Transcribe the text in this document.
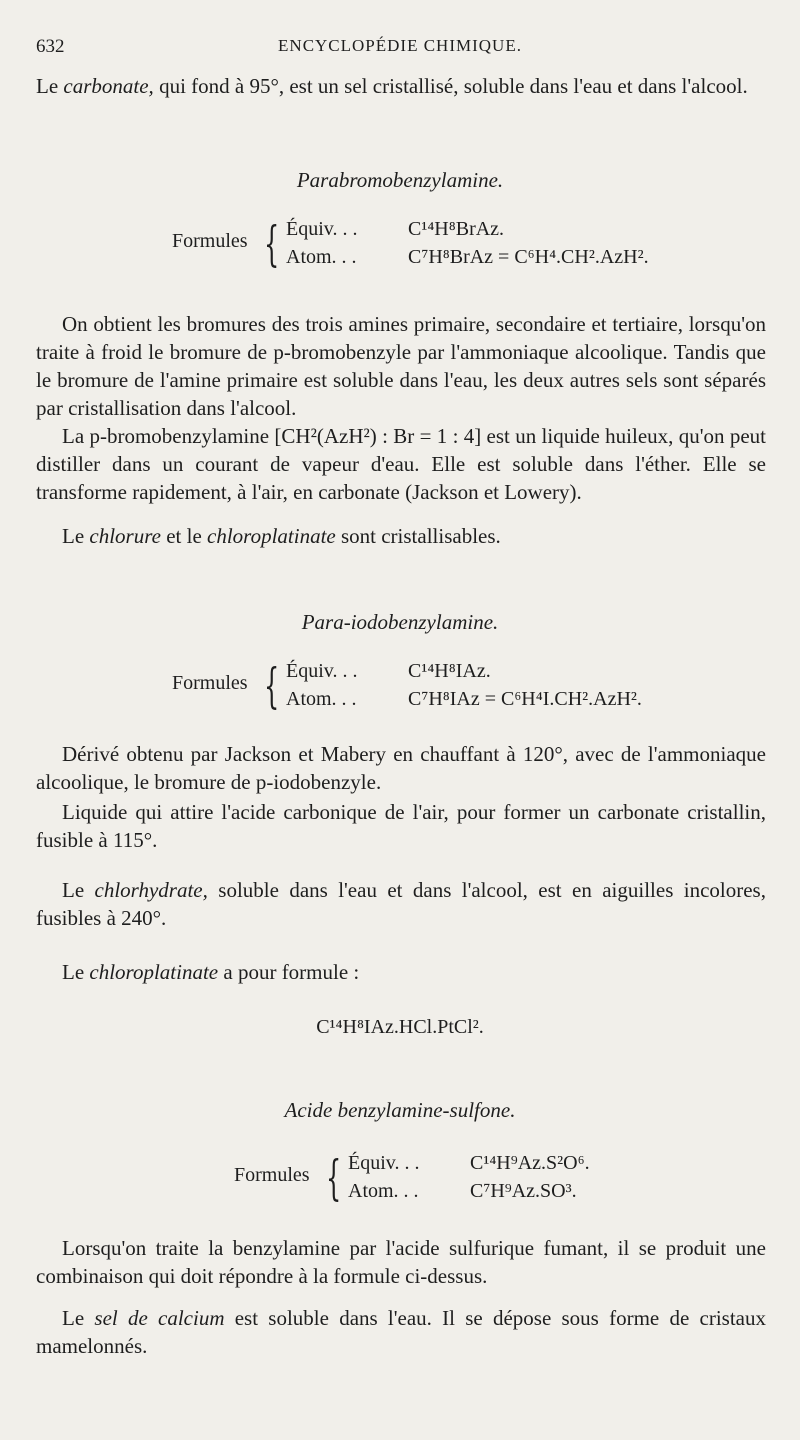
632	ENCYCLOPÉDIE CHIMIQUE.

Le carbonate, qui fond à 95°, est un sel cristallisé, soluble dans l'eau et dans l'alcool.

Parabromobenzylamine.

Formules { Équiv. . .	C¹⁴H⁸BrAz.
Atom. . .	C⁷H⁸BrAz = C⁶H⁴.CH².AzH².

On obtient les bromures des trois amines primaire, secondaire et tertiaire, lorsqu'on traite à froid le bromure de p-bromobenzyle par l'ammoniaque alcoolique. Tandis que le bromure de l'amine primaire est soluble dans l'eau, les deux autres sels sont séparés par cristallisation dans l'alcool.

La p-bromobenzylamine [CH²(AzH²) : Br = 1 : 4] est un liquide huileux, qu'on peut distiller dans un courant de vapeur d'eau. Elle est soluble dans l'éther. Elle se transforme rapidement, à l'air, en carbonate (Jackson et Lowery).

Le chlorure et le chloroplatinate sont cristallisables.

Para-iodobenzylamine.

Formules { Équiv. . .	C¹⁴H⁸IAz.
Atom. . .	C⁷H⁸IAz = C⁶H⁴I.CH².AzH².

Dérivé obtenu par Jackson et Mabery en chauffant à 120°, avec de l'ammoniaque alcoolique, le bromure de p-iodobenzyle.

Liquide qui attire l'acide carbonique de l'air, pour former un carbonate cristallin, fusible à 115°.

Le chlorhydrate, soluble dans l'eau et dans l'alcool, est en aiguilles incolores, fusibles à 240°.

Le chloroplatinate a pour formule :

C¹⁴H⁸IAz.HCl.PtCl².

Acide benzylamine-sulfone.

Formules { Équiv. . .	C¹⁴H⁹Az.S²O⁶.
Atom. . .	C⁷H⁹Az.SO³.

Lorsqu'on traite la benzylamine par l'acide sulfurique fumant, il se produit une combinaison qui doit répondre à la formule ci-dessus.

Le sel de calcium est soluble dans l'eau. Il se dépose sous forme de cristaux mamelonnés.
